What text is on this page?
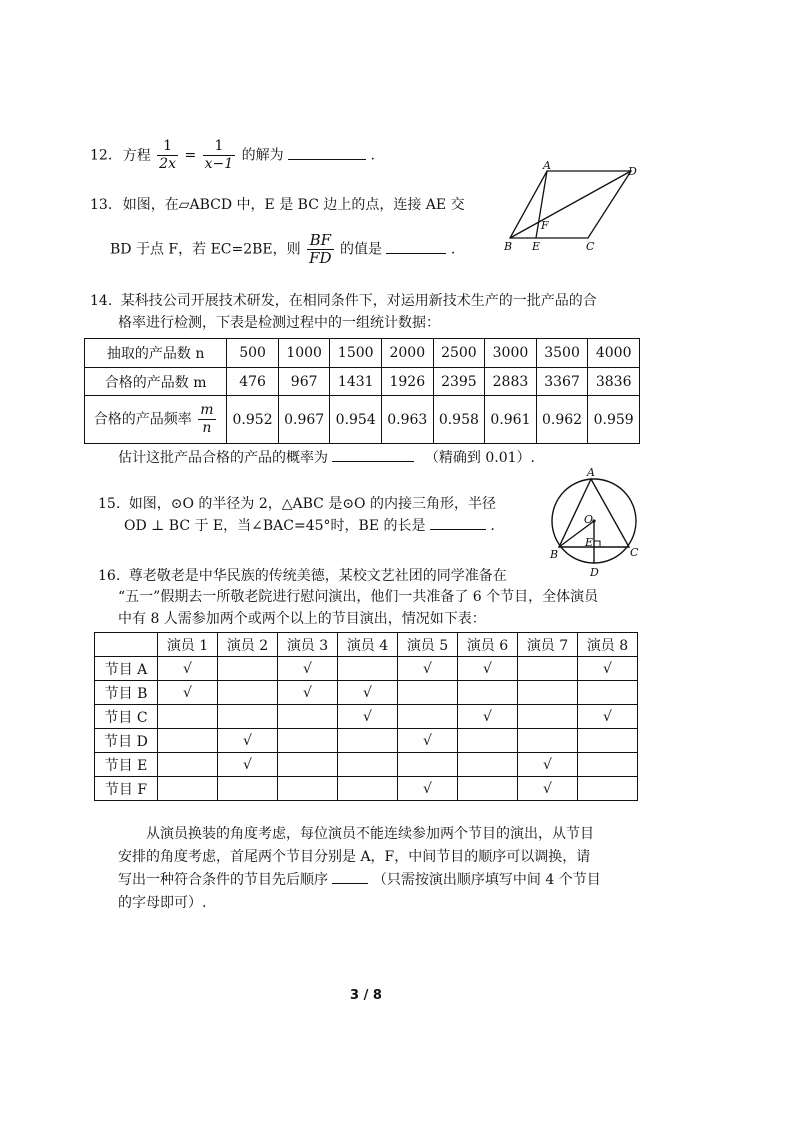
12. 方程 $\frac{1}{2x} = \frac{1}{x-1}$ 的解为	.
13. 如图，在▱ABCD 中，E 是 BC 边上的点，连接 AE 交
BD 于点 F，若 EC=2BE，则 $\frac{BF}{FD}$ 的值是	.
A	D
B E	C
F
14. 某科技公司开展技术研发，在相同条件下，对运用新技术生产的一批产品的合
格率进行检测，下表是检测过程中的一组统计数据：
抽取的产品数 n	500	1000	1500	2000	2500	3000	3500	4000
合格的产品数 m	476	967	1431	1926	2395	2883	3367	3836
合格的产品频率 $\frac{m}{n}$	0.952	0.967	0.954	0.963	0.958	0.961	0.962	0.959
估计这批产品合格的产品的概率为	（精确到 0.01）.
15. 如图，⊙O 的半径为 2，△ABC 是⊙O 的内接三角形，半径
OD ⊥ BC 于 E，当∠BAC=45°时，BE 的长是	.
A
O
B
E
C
D
16. 尊老敬老是中华民族的传统美德，某校文艺社团的同学准备在
“五一”假期去一所敬老院进行慰问演出，他们一共准备了 6 个节目，全体演员
中有 8 人需参加两个或两个以上的节目演出，情况如下表：
	演员 1	演员 2	演员 3	演员 4	演员 5	演员 6	演员 7	演员 8
节目 A	√		√		√	√		√
节目 B	√		√	√				
节目 C				√		√		√
节目 D		√			√			
节目 E		√					√	
节目 F					√		√	
从演员换装的角度考虑，每位演员不能连续参加两个节目的演出，从节目
安排的角度考虑，首尾两个节目分别是 A，F，中间节目的顺序可以调换，请
写出一种符合条件的节目先后顺序	（只需按演出顺序填写中间 4 个节目
的字母即可）.
3 / 8
